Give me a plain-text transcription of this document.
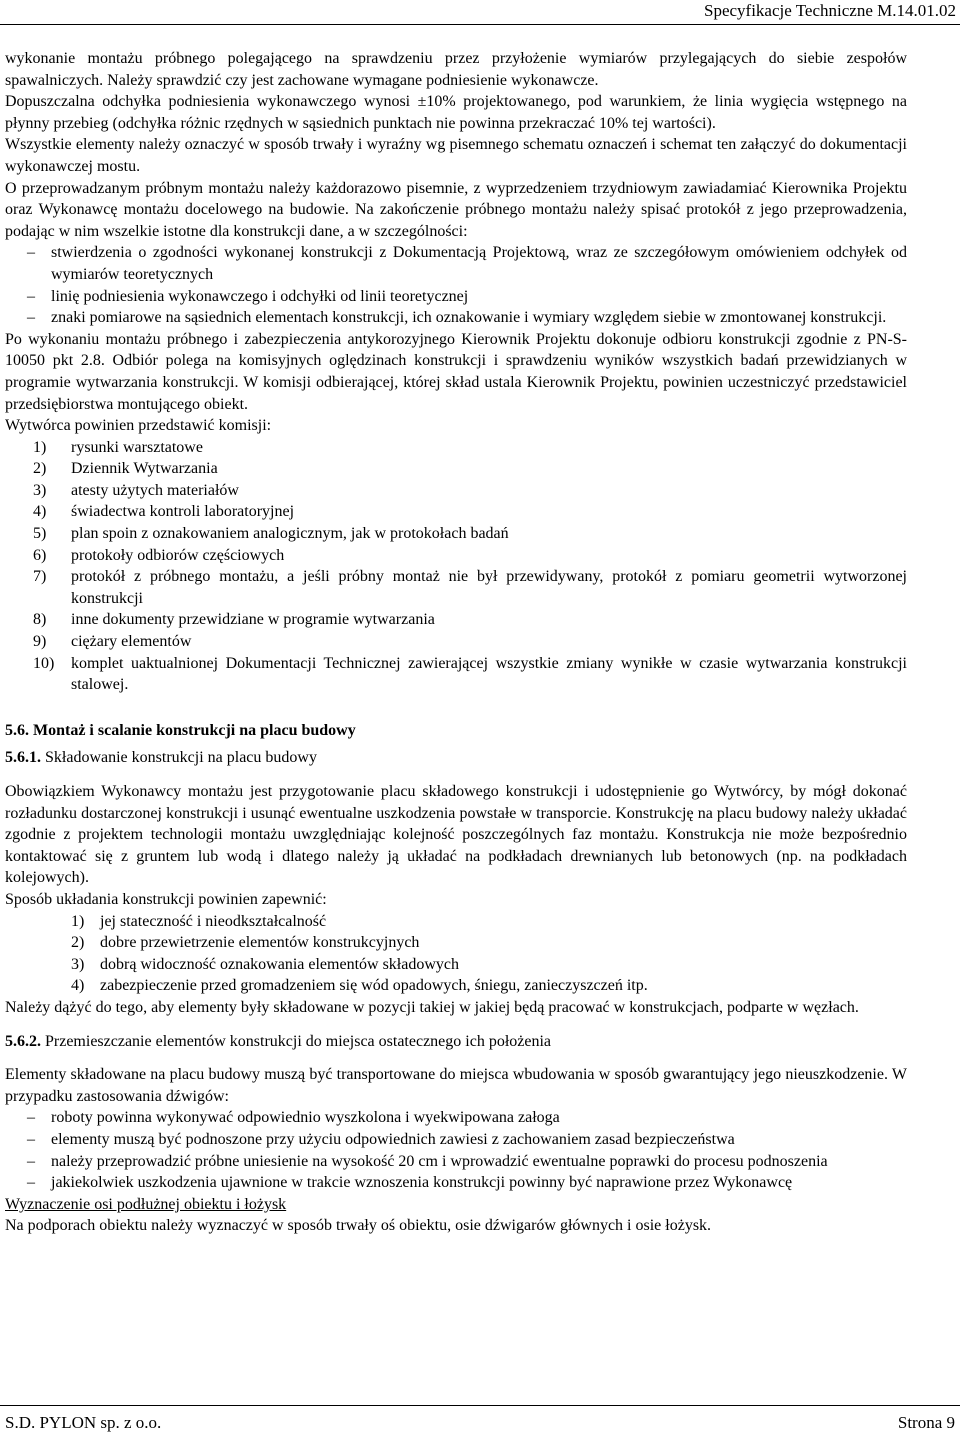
Specyfikacje Techniczne M.14.01.02

wykonanie montażu próbnego polegającego na sprawdzeniu przez przyłożenie wymiarów przylegających do siebie zespołów spawalniczych. Należy sprawdzić czy jest zachowane wymagane podniesienie wykonawcze.

Dopuszczalna odchyłka podniesienia wykonawczego wynosi ±10% projektowanego, pod warunkiem, że linia wygięcia wstępnego na płynny przebieg (odchyłka różnic rzędnych w sąsiednich punktach nie powinna przekraczać 10% tej wartości).

Wszystkie elementy należy oznaczyć w sposób trwały i wyraźny wg pisemnego schematu oznaczeń i schemat ten załączyć do dokumentacji wykonawczej mostu.

O przeprowadzanym próbnym montażu należy każdorazowo pisemnie, z wyprzedzeniem trzydniowym zawiadamiać Kierownika Projektu oraz Wykonawcę montażu docelowego na budowie. Na zakończenie próbnego montażu należy spisać protokół z jego przeprowadzenia, podając w nim wszelkie istotne dla konstrukcji dane, a w szczególności:

–	stwierdzenia o zgodności wykonanej konstrukcji z Dokumentacją Projektową, wraz ze szczegółowym omówieniem odchyłek od wymiarów teoretycznych
–	linię podniesienia wykonawczego i odchyłki od linii teoretycznej
–	znaki pomiarowe na sąsiednich elementach konstrukcji, ich oznakowanie i wymiary względem siebie w zmontowanej konstrukcji.

Po wykonaniu montażu próbnego i zabezpieczenia antykorozyjnego Kierownik Projektu dokonuje odbioru konstrukcji zgodnie z PN-S-10050 pkt 2.8. Odbiór polega na komisyjnych oględzinach konstrukcji i sprawdzeniu wyników wszystkich badań przewidzianych w programie wytwarzania konstrukcji. W komisji odbierającej, której skład ustala Kierownik Projektu, powinien uczestniczyć przedstawiciel przedsiębiorstwa montującego obiekt.

Wytwórca powinien przedstawić komisji:

1)	rysunki warsztatowe
2)	Dziennik Wytwarzania
3)	atesty użytych materiałów
4)	świadectwa kontroli laboratoryjnej
5)	plan spoin z oznakowaniem analogicznym, jak w protokołach badań
6)	protokoły odbiorów częściowych
7)	protokół z próbnego montażu, a jeśli próbny montaż nie był przewidywany, protokół z pomiaru geometrii wytworzonej konstrukcji
8)	inne dokumenty przewidziane w programie wytwarzania
9)	ciężary elementów
10)	komplet uaktualnionej Dokumentacji Technicznej zawierającej wszystkie zmiany wynikłe w czasie wytwarzania konstrukcji stalowej.

5.6. Montaż i scalanie konstrukcji na placu budowy

5.6.1. Składowanie konstrukcji na placu budowy

Obowiązkiem Wykonawcy montażu jest przygotowanie placu składowego konstrukcji i udostępnienie go Wytwórcy, by mógł dokonać rozładunku dostarczonej konstrukcji i usunąć ewentualne uszkodzenia powstałe w transporcie. Konstrukcję na placu budowy należy układać zgodnie z projektem technologii montażu uwzględniając kolejność poszczególnych faz montażu. Konstrukcja nie może bezpośrednio kontaktować się z gruntem lub wodą i dlatego należy ją układać na podkładach drewnianych lub betonowych (np. na podkładach kolejowych).

Sposób układania konstrukcji powinien zapewnić:

1) jej stateczność i nieodkształcalność
2) dobre przewietrzenie elementów konstrukcyjnych
3) dobrą widoczność oznakowania elementów składowych
4) zabezpieczenie przed gromadzeniem się wód opadowych, śniegu, zanieczyszczeń itp.

Należy dążyć do tego, aby elementy były składowane w pozycji takiej w jakiej będą pracować w konstrukcjach, podparte w węzłach.

5.6.2. Przemieszczanie elementów konstrukcji do miejsca ostatecznego ich położenia

Elementy składowane na placu budowy muszą być transportowane do miejsca wbudowania w sposób gwarantujący jego nieuszkodzenie. W przypadku zastosowania dźwigów:

–	roboty powinna wykonywać odpowiednio wyszkolona i wyekwipowana załoga
–	elementy muszą być podnoszone przy użyciu odpowiednich zawiesi z zachowaniem zasad bezpieczeństwa
–	należy przeprowadzić próbne uniesienie na wysokość 20 cm i wprowadzić ewentualne poprawki do procesu podnoszenia
–	jakiekolwiek uszkodzenia ujawnione w trakcie wznoszenia konstrukcji powinny być naprawione przez Wykonawcę

Wyznaczenie osi podłużnej obiektu i łożysk

Na podporach obiektu należy wyznaczyć w sposób trwały oś obiektu, osie dźwigarów głównych i osie łożysk.

S.D. PYLON sp. z o.o.	Strona 9
